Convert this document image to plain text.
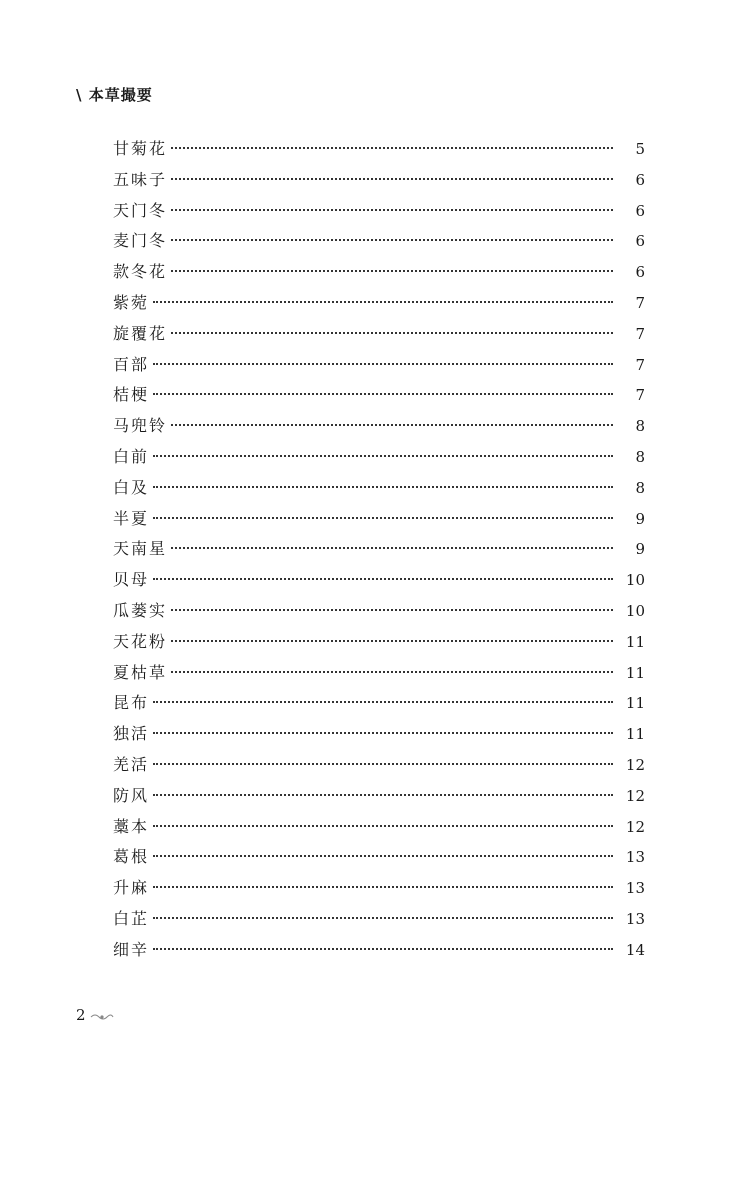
\ 本草撮要
甘菊花	5
五味子	6
天门冬	6
麦门冬	6
款冬花	6
紫菀	7
旋覆花	7
百部	7
桔梗	7
马兜铃	8
白前	8
白及	8
半夏	9
天南星	9
贝母	10
瓜蒌实	10
天花粉	11
夏枯草	11
昆布	11
独活	11
羌活	12
防风	12
藁本	12
葛根	13
升麻	13
白芷	13
细辛	14
2
